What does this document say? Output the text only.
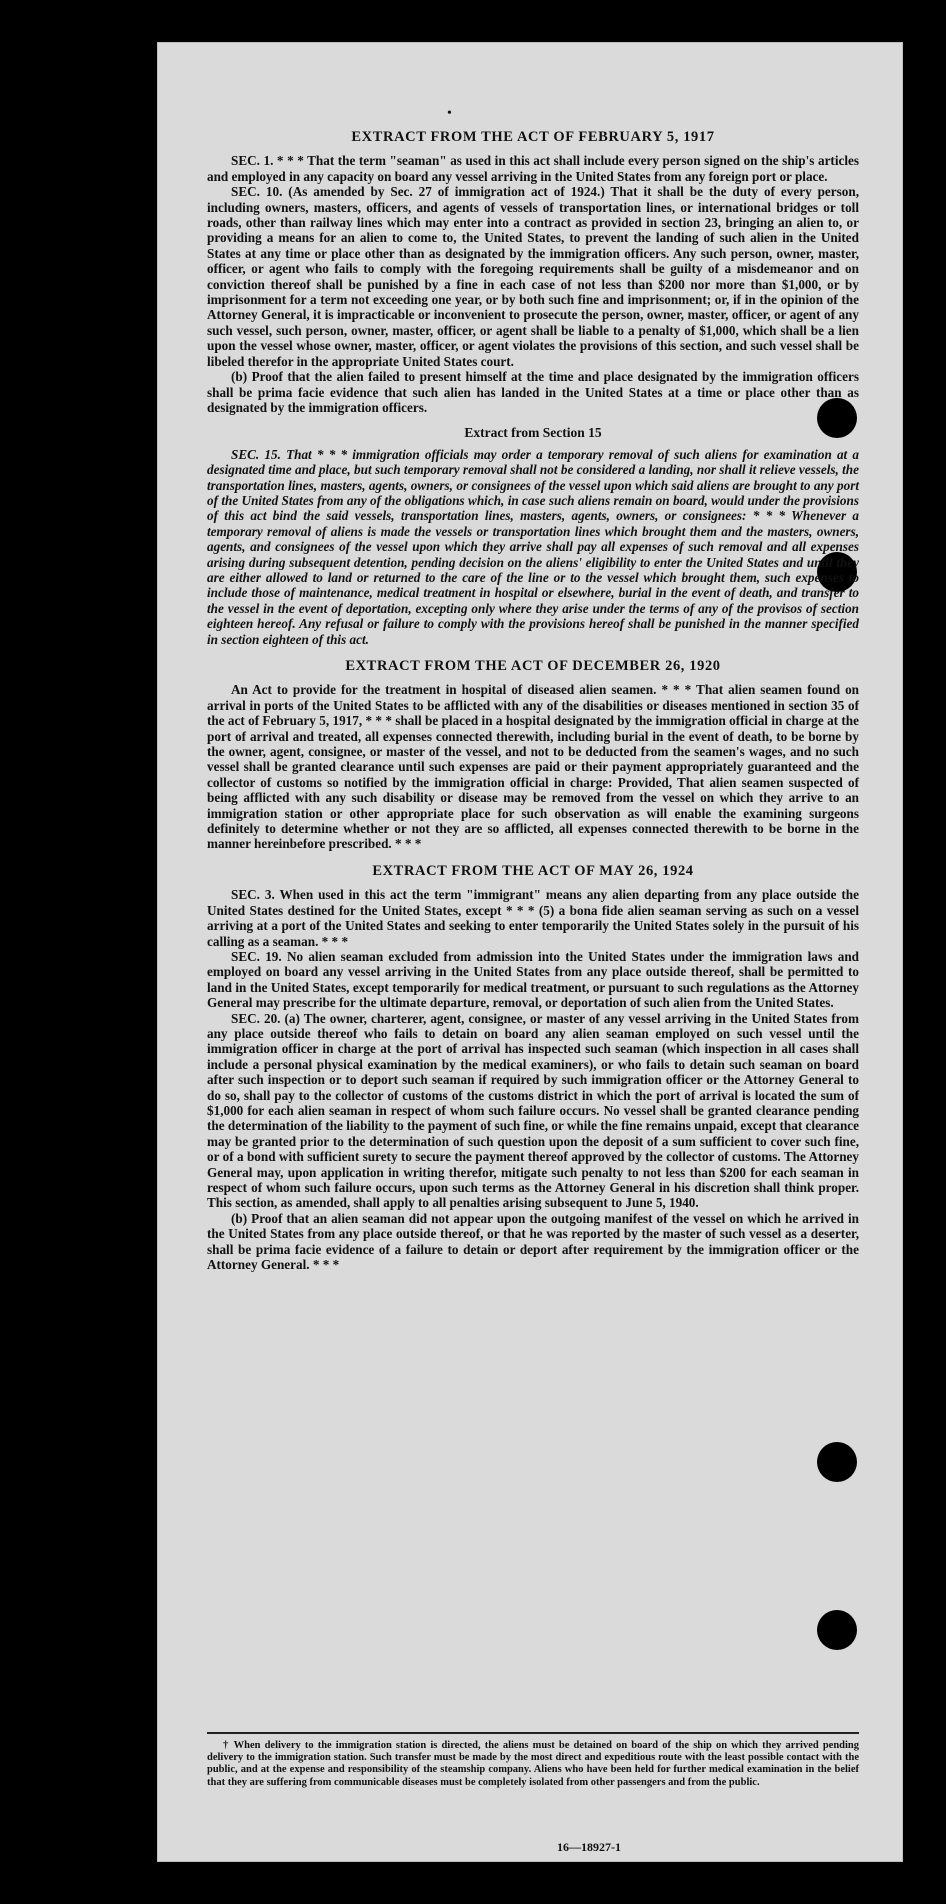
•
EXTRACT FROM THE ACT OF FEBRUARY 5, 1917

SEC. 1. * * * That the term "seaman" as used in this act shall include every person signed on the ship's articles and employed in any capacity on board any vessel arriving in the United States from any foreign port or place.

SEC. 10. (As amended by Sec. 27 of immigration act of 1924.) That it shall be the duty of every person, including owners, masters, officers, and agents of vessels of transportation lines, or international bridges or toll roads, other than railway lines which may enter into a contract as provided in section 23, bringing an alien to, or providing a means for an alien to come to, the United States, to prevent the landing of such alien in the United States at any time or place other than as designated by the immigration officers. Any such person, owner, master, officer, or agent who fails to comply with the foregoing requirements shall be guilty of a misdemeanor and on conviction thereof shall be punished by a fine in each case of not less than $200 nor more than $1,000, or by imprisonment for a term not exceeding one year, or by both such fine and imprisonment; or, if in the opinion of the Attorney General, it is impracticable or inconvenient to prosecute the person, owner, master, officer, or agent of any such vessel, such person, owner, master, officer, or agent shall be liable to a penalty of $1,000, which shall be a lien upon the vessel whose owner, master, officer, or agent violates the provisions of this section, and such vessel shall be libeled therefor in the appropriate United States court.

(b) Proof that the alien failed to present himself at the time and place designated by the immigration officers shall be prima facie evidence that such alien has landed in the United States at a time or place other than as designated by the immigration officers.

Extract from Section 15

SEC. 15. That * * * immigration officials may order a temporary removal of such aliens for examination at a designated time and place, but such temporary removal shall not be considered a landing, nor shall it relieve vessels, the transportation lines, masters, agents, owners, or consignees of the vessel upon which said aliens are brought to any port of the United States from any of the obligations which, in case such aliens remain on board, would under the provisions of this act bind the said vessels, transportation lines, masters, agents, owners, or consignees: * * * Whenever a temporary removal of aliens is made the vessels or transportation lines which brought them and the masters, owners, agents, and consignees of the vessel upon which they arrive shall pay all expenses of such removal and all expenses arising during subsequent detention, pending decision on the aliens' eligibility to enter the United States and until they are either allowed to land or returned to the care of the line or to the vessel which brought them, such expenses to include those of maintenance, medical treatment in hospital or elsewhere, burial in the event of death, and transfer to the vessel in the event of deportation, excepting only where they arise under the terms of any of the provisos of section eighteen hereof. Any refusal or failure to comply with the provisions hereof shall be punished in the manner specified in section eighteen of this act.

EXTRACT FROM THE ACT OF DECEMBER 26, 1920

An Act to provide for the treatment in hospital of diseased alien seamen. * * * That alien seamen found on arrival in ports of the United States to be afflicted with any of the disabilities or diseases mentioned in section 35 of the act of February 5, 1917, * * * shall be placed in a hospital designated by the immigration official in charge at the port of arrival and treated, all expenses connected therewith, including burial in the event of death, to be borne by the owner, agent, consignee, or master of the vessel, and not to be deducted from the seamen's wages, and no such vessel shall be granted clearance until such expenses are paid or their payment appropriately guaranteed and the collector of customs so notified by the immigration official in charge: Provided, That alien seamen suspected of being afflicted with any such disability or disease may be removed from the vessel on which they arrive to an immigration station or other appropriate place for such observation as will enable the examining surgeons definitely to determine whether or not they are so afflicted, all expenses connected therewith to be borne in the manner hereinbefore prescribed. * * *

EXTRACT FROM THE ACT OF MAY 26, 1924

SEC. 3. When used in this act the term "immigrant" means any alien departing from any place outside the United States destined for the United States, except * * * (5) a bona fide alien seaman serving as such on a vessel arriving at a port of the United States and seeking to enter temporarily the United States solely in the pursuit of his calling as a seaman. * * *

SEC. 19. No alien seaman excluded from admission into the United States under the immigration laws and employed on board any vessel arriving in the United States from any place outside thereof, shall be permitted to land in the United States, except temporarily for medical treatment, or pursuant to such regulations as the Attorney General may prescribe for the ultimate departure, removal, or deportation of such alien from the United States.

SEC. 20. (a) The owner, charterer, agent, consignee, or master of any vessel arriving in the United States from any place outside thereof who fails to detain on board any alien seaman employed on such vessel until the immigration officer in charge at the port of arrival has inspected such seaman (which inspection in all cases shall include a personal physical examination by the medical examiners), or who fails to detain such seaman on board after such inspection or to deport such seaman if required by such immigration officer or the Attorney General to do so, shall pay to the collector of customs of the customs district in which the port of arrival is located the sum of $1,000 for each alien seaman in respect of whom such failure occurs. No vessel shall be granted clearance pending the determination of the liability to the payment of such fine, or while the fine remains unpaid, except that clearance may be granted prior to the determination of such question upon the deposit of a sum sufficient to cover such fine, or of a bond with sufficient surety to secure the payment thereof approved by the collector of customs. The Attorney General may, upon application in writing therefor, mitigate such penalty to not less than $200 for each seaman in respect of whom such failure occurs, upon such terms as the Attorney General in his discretion shall think proper. This section, as amended, shall apply to all penalties arising subsequent to June 5, 1940.

(b) Proof that an alien seaman did not appear upon the outgoing manifest of the vessel on which he arrived in the United States from any place outside thereof, or that he was reported by the master of such vessel as a deserter, shall be prima facie evidence of a failure to detain or deport after requirement by the immigration officer or the Attorney General. * * *

† When delivery to the immigration station is directed, the aliens must be detained on board of the ship on which they arrived pending delivery to the immigration station. Such transfer must be made by the most direct and expeditious route with the least possible contact with the public, and at the expense and responsibility of the steamship company. Aliens who have been held for further medical examination in the belief that they are suffering from communicable diseases must be completely isolated from other passengers and from the public.

16—18927-1
